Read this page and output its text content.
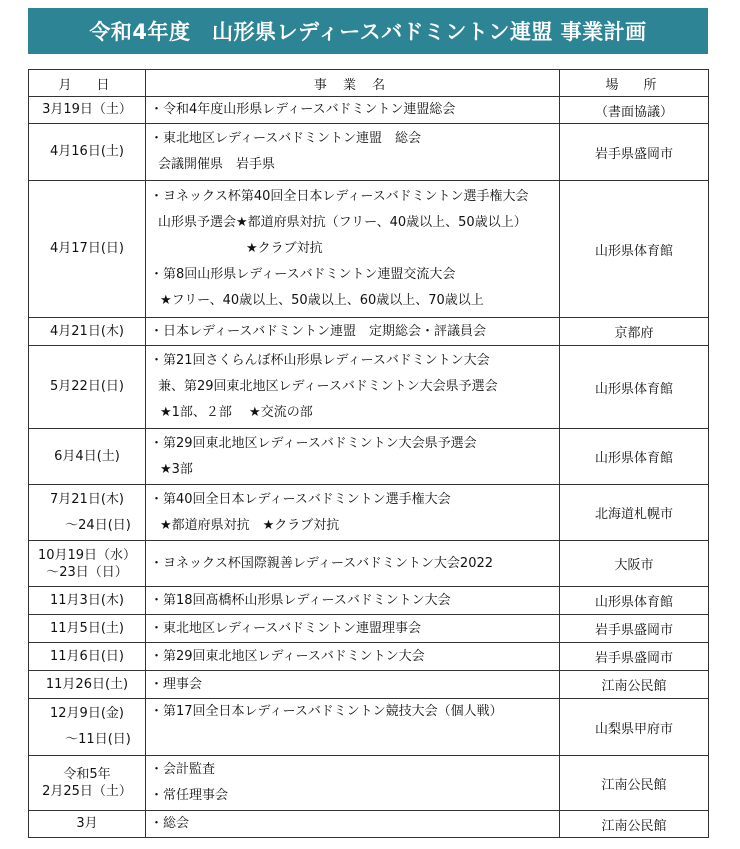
令和4年度　山形県レディースバドミントン連盟 事業計画
月　日	事 業 名	場　所

3月19日（土）	・令和4年度山形県レディースバドミントン連盟総会	（書面協議）

4月16日(土)	・東北地区レディースバドミントン連盟　総会
会議開催県　岩手県	岩手県盛岡市

4月17日(日)	・ヨネックス杯第40回全日本レディースバドミントン選手権大会
山形県予選会★都道府県対抗（フリー、40歳以上、50歳以上）
★クラブ対抗
・第8回山形県レディースバドミントン連盟交流大会
★フリー、40歳以上、50歳以上、60歳以上、70歳以上	山形県体育館

4月21日(木)	・日本レディースバドミントン連盟　定期総会・評議員会	京都府

5月22日(日)	・第21回さくらんぼ杯山形県レディースバドミントン大会
兼、第29回東北地区レディースバドミントン大会県予選会
★1部、２部　 ★交流の部	山形県体育館

6月4日(土)	・第29回東北地区レディースバドミントン大会県予選会
★3部	山形県体育館

7月21日(木)
～24日(日)	・第40回全日本レディースバドミントン選手権大会
★都道府県対抗　★クラブ対抗	北海道札幌市

10月19日（水）
～23日（日）	・ヨネックス杯国際親善レディースバドミントン大会2022	大阪市

11月3日(木)	・第18回髙橋杯山形県レディースバドミントン大会	山形県体育館

11月5日(土)	・東北地区レディースバドミントン連盟理事会	岩手県盛岡市

11月6日(日)	・第29回東北地区レディースバドミントン大会	岩手県盛岡市

11月26日(土)	・理事会	江南公民館

12月9日(金)
～11日(日)	・第17回全日本レディースバドミントン競技大会（個人戦）	山梨県甲府市

令和5年
2月25日（土）	・会計監査
・常任理事会	江南公民館

3月	・総会	江南公民館
